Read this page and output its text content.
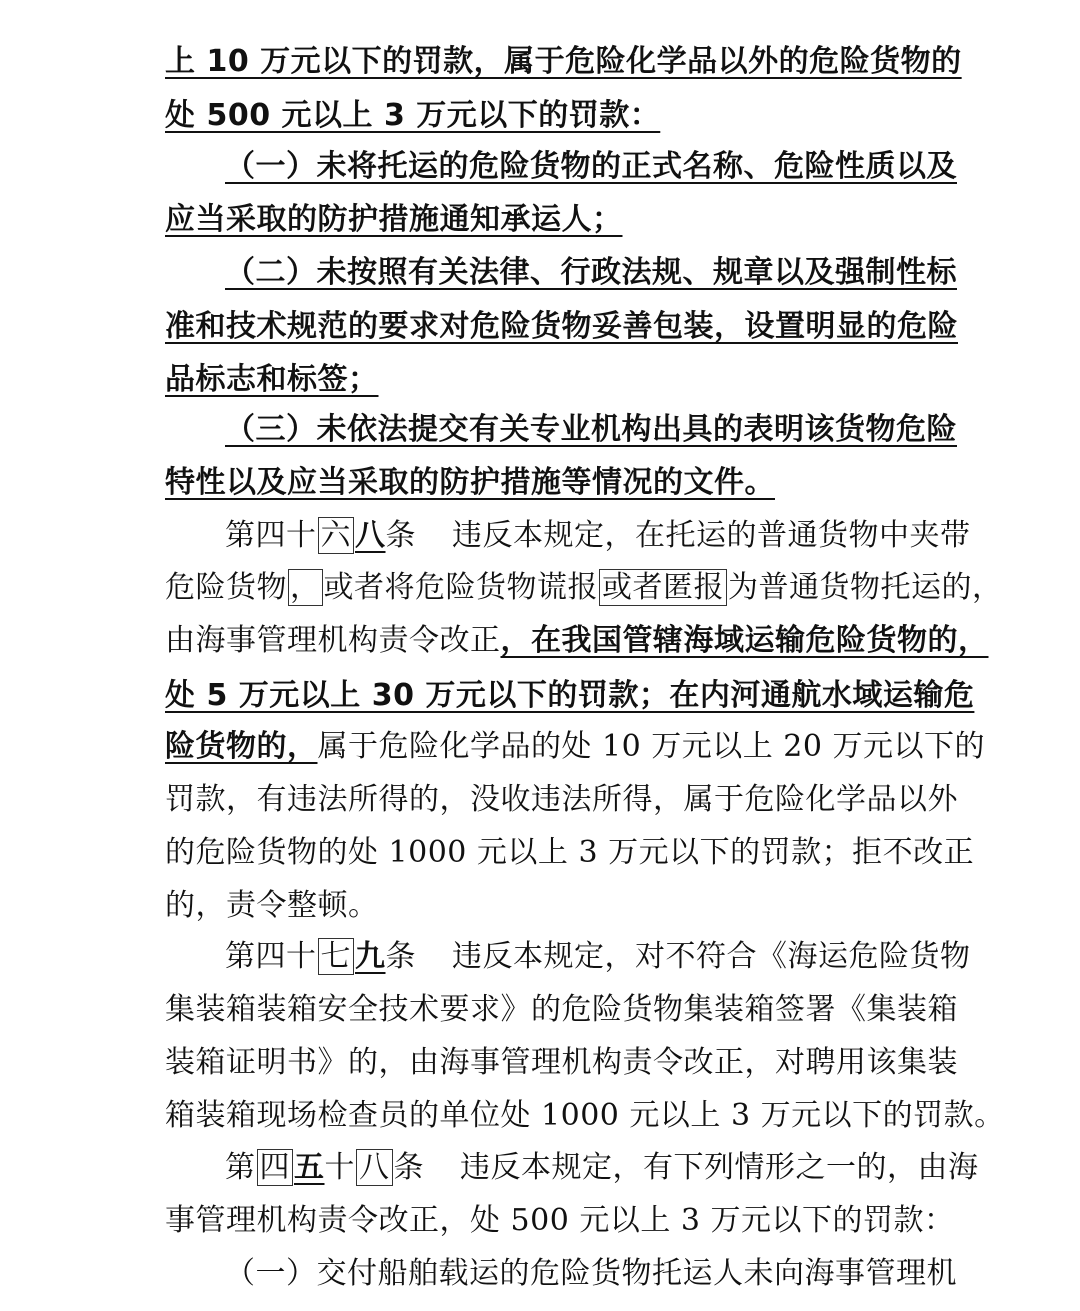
上 10 万元以下的罚款，属于危险化学品以外的危险货物的
处 500 元以上 3 万元以下的罚款：
（一）未将托运的危险货物的正式名称、危险性质以及
应当采取的防护措施通知承运人；
（二）未按照有关法律、行政法规、规章以及强制性标
准和技术规范的要求对危险货物妥善包装，设置明显的危险
品标志和标签；
（三）未依法提交有关专业机构出具的表明该货物危险
特性以及应当采取的防护措施等情况的文件。
第四十 六 八条 违反本规定，在托运的普通货物中夹带
危险货物 ， 或者将危险货物谎报 或者匿报 为普通货物托运的，
由海事管理机构责令改正，在我国管辖海域运输危险货物的，
处 5 万元以上 30 万元以下的罚款；在内河通航水域运输危
险货物的，属于危险化学品的处 10 万元以上 20 万元以下的
罚款，有违法所得的，没收违法所得，属于危险化学品以外
的危险货物的处 1000 元以上 3 万元以下的罚款；拒不改正
的，责令整顿。
第四十 七 九条 违反本规定，对不符合《海运危险货物
集装箱装箱安全技术要求》的危险货物集装箱签署《集装箱
装箱证明书》的，由海事管理机构责令改正，对聘用该集装
箱装箱现场检查员的单位处 1000 元以上 3 万元以下的罚款。
第 四 五十 八 条 违反本规定，有下列情形之一的，由海
事管理机构责令改正，处 500 元以上 3 万元以下的罚款：
（一）交付船舶载运的危险货物托运人未向海事管理机
